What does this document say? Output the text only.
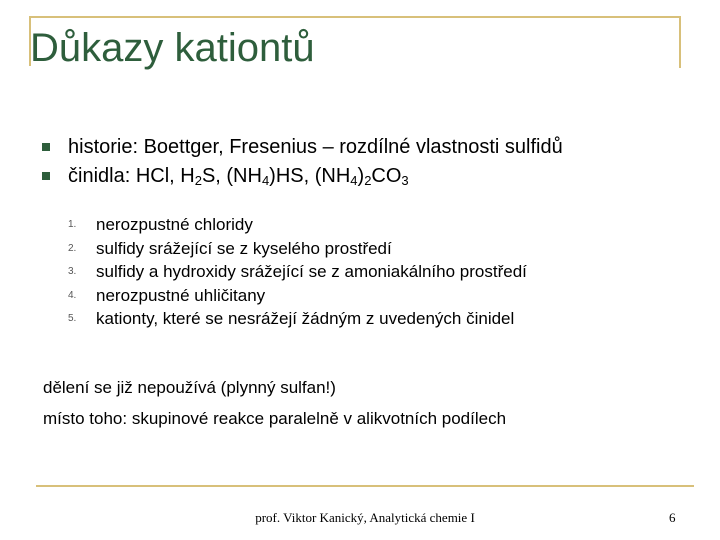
Důkazy kationtů
historie: Boettger, Fresenius – rozdílné vlastnosti sulfidů
činidla: HCl, $H_2S$, $(NH_4)HS$, $(NH_4)_2CO_3$
1. nerozpustné chloridy
2. sulfidy srážející se z kyselého prostředí
3. sulfidy a hydroxidy srážející se z amoniakálního prostředí
4. nerozpustné uhličitany
5. kationty, které se nesrážejí žádným z uvedených činidel

dělení se již nepoužívá (plynný sulfan!)

místo toho: skupinové reakce paralelně v alikvotních podílech

prof. Viktor Kanický, Analytická chemie I	6
